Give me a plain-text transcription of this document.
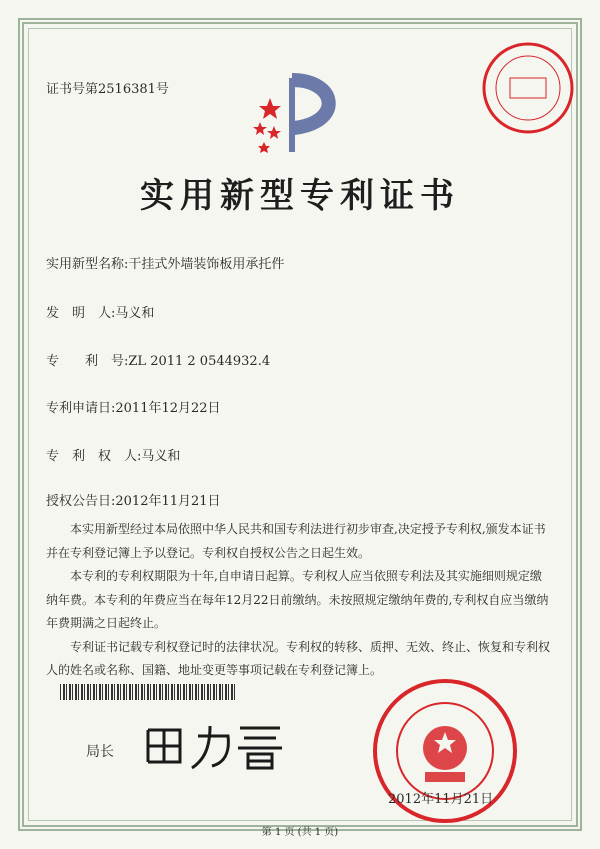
证书号第2516381号
实用新型专利证书
实用新型名称:干挂式外墙装饰板用承托件
发　明　人:马义和
专　　利　号:ZL 2011 2 0544932.4
专利申请日:2011年12月22日
专　利　权　人:马义和
授权公告日:2012年11月21日

本实用新型经过本局依照中华人民共和国专利法进行初步审查,决定授予专利权,颁发本证书并在专利登记簿上予以登记。专利权自授权公告之日起生效。

本专利的专利权期限为十年,自申请日起算。专利权人应当依照专利法及其实施细则规定缴纳年费。本专利的年费应当在每年12月22日前缴纳。未按照规定缴纳年费的,专利权自应当缴纳年费期满之日起终止。

专利证书记载专利权登记时的法律状况。专利权的转移、质押、无效、终止、恢复和专利权人的姓名或名称、国籍、地址变更等事项记载在专利登记簿上。

局长
2012年11月21日
第 1 页 (共 1 页)
